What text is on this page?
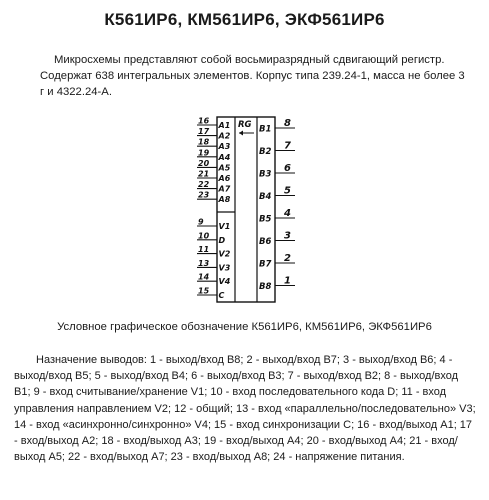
К561ИР6, КМ561ИР6, ЭКФ561ИР6
Микросхемы представляют собой восьмиразрядный сдвигающий регистр. Содержат 638 интегральных элементов. Корпус типа 239.24-1, масса не более 3 г и 4322.24-А.
RG
16 A1
17 A2
18 A3
19 A4
20 A5
21 A6
22 A7
23 A8
9 V1
10 D
11 V2
13 V3
14 V4
15 C
8
B1
7
B2
6
B3
5
B4
4
B5
3
B6
2
B7
1
B8
Условное графическое обозначение К561ИР6, КМ561ИР6, ЭКФ561ИР6
Назначение выводов: 1 - выход/вход В8; 2 - выход/вход В7; 3 - выход/вход В6; 4 - выход/вход В5; 5 - выход/вход В4; 6 - выход/вход В3; 7 - выход/вход В2; 8 - выход/вход В1; 9 - вход считывание/хранение V1; 10 - вход последовательного кода D; 11 - вход управления направлением V2; 12 - общий; 13 - вход «параллельно/последовательно» V3; 14 - вход «асинхронно/синхронно» V4; 15 - вход синхронизации С; 16 - вход/выход А1; 17 - вход/выход А2; 18 - вход/выход А3; 19 - вход/выход А4; 20 - вход/выход А4; 21 - вход/выход А5; 22 - вход/выход А7; 23 - вход/выход А8; 24 - напряжение питания.
